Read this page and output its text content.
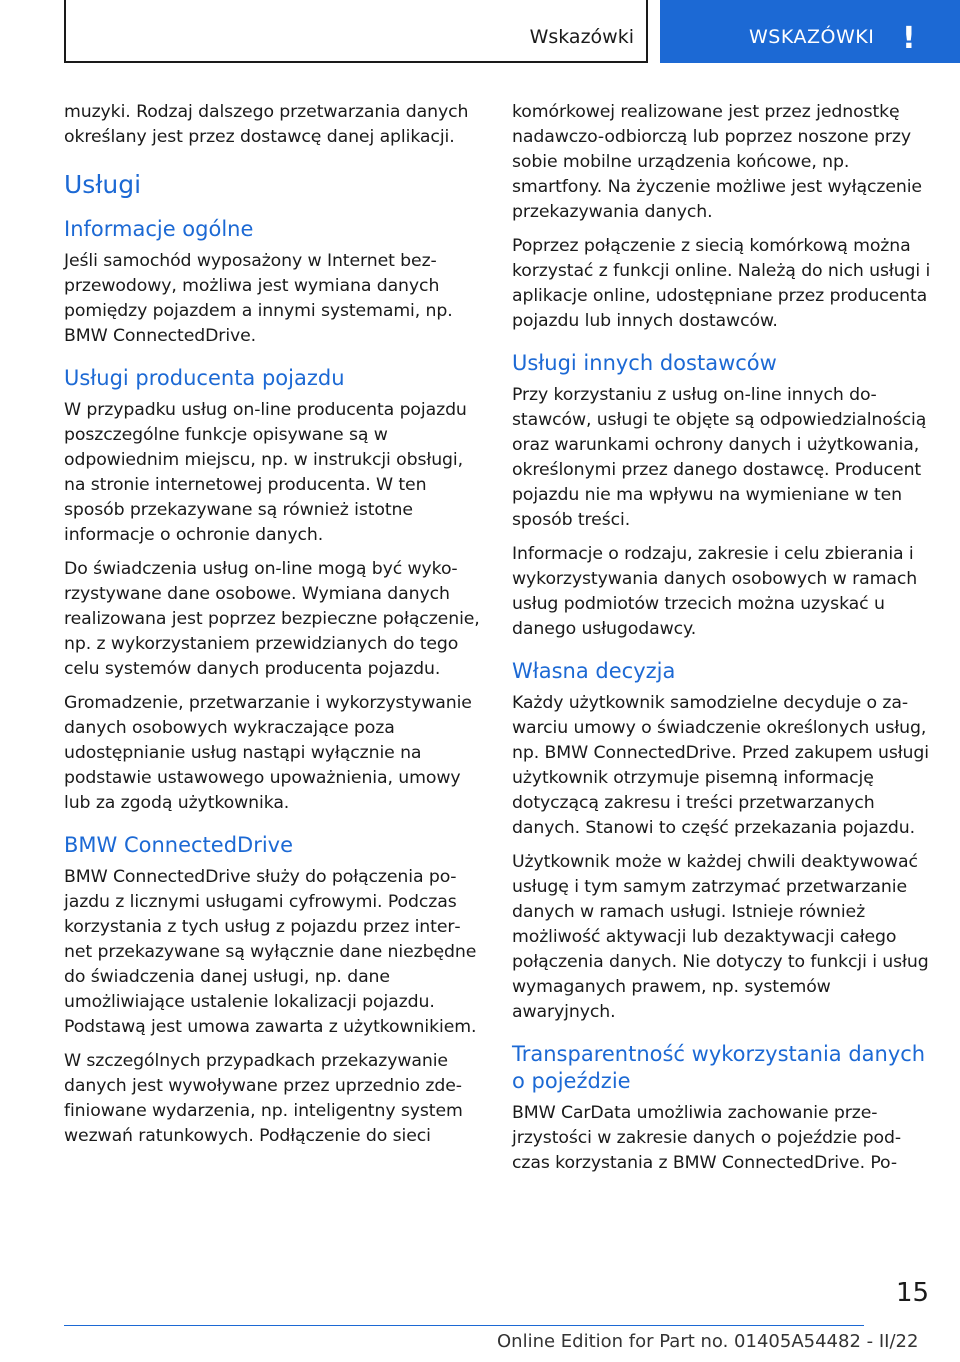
Wskazówki	WSKAZÓWKI !

muzyki. Rodzaj dalszego przetwarzania danych określany jest przez dostawcę danej aplikacji.

Usługi
Informacje ogólne

Jeśli samochód wyposażony w Internet bezprzewodowy, możliwa jest wymiana danych pomiędzy pojazdem a innymi systemami, np. BMW ConnectedDrive.

Usługi producenta pojazdu

W przypadku usług on-line producenta pojazdu poszczególne funkcje opisywane są w odpowiednim miejscu, np. w instrukcji obsługi, na stronie internetowej producenta. W ten sposób przekazywane są również istotne informacje o ochronie danych.

Do świadczenia usług on-line mogą być wykorzystywane dane osobowe. Wymiana danych realizowana jest poprzez bezpieczne połączenie, np. z wykorzystaniem przewidzianych do tego celu systemów danych producenta pojazdu.

Gromadzenie, przetwarzanie i wykorzystywanie danych osobowych wykraczające poza udostępnianie usług nastąpi wyłącznie na podstawie ustawowego upoważnienia, umowy lub za zgodą użytkownika.

BMW ConnectedDrive

BMW ConnectedDrive służy do połączenia pojazdu z licznymi usługami cyfrowymi. Podczas korzystania z tych usług z pojazdu przez internet przekazywane są wyłącznie dane niezbędne do świadczenia danej usługi, np. dane umożliwiające ustalenie lokalizacji pojazdu. Podstawą jest umowa zawarta z użytkownikiem.

W szczególnych przypadkach przekazywanie danych jest wywoływane przez uprzednio zdefiniowane wydarzenia, np. inteligentny system wezwań ratunkowych. Podłączenie do sieci

komórkowej realizowane jest przez jednostkę nadawczo-odbiorczą lub poprzez noszone przy sobie mobilne urządzenia końcowe, np. smartfony. Na życzenie możliwe jest wyłączenie przekazywania danych.

Poprzez połączenie z siecią komórkową można korzystać z funkcji online. Należą do nich usługi i aplikacje online, udostępniane przez producenta pojazdu lub innych dostawców.

Usługi innych dostawców

Przy korzystaniu z usług on-line innych dostawców, usługi te objęte są odpowiedzialnością oraz warunkami ochrony danych i użytkowania, określonymi przez danego dostawcę. Producent pojazdu nie ma wpływu na wymieniane w ten sposób treści.

Informacje o rodzaju, zakresie i celu zbierania i wykorzystywania danych osobowych w ramach usług podmiotów trzecich można uzyskać u danego usługodawcy.

Własna decyzja

Każdy użytkownik samodzielne decyduje o zawarciu umowy o świadczenie określonych usług, np. BMW ConnectedDrive. Przed zakupem usługi użytkownik otrzymuje pisemną informację dotyczącą zakresu i treści przetwarzanych danych. Stanowi to część przekazania pojazdu.

Użytkownik może w każdej chwili deaktywować usługę i tym samym zatrzymać przetwarzanie danych w ramach usługi. Istnieje również możliwość aktywacji lub dezaktywacji całego połączenia danych. Nie dotyczy to funkcji i usług wymaganych prawem, np. systemów awaryjnych.

Transparentność wykorzystania danych o pojeździe

BMW CarData umożliwia zachowanie przejrzystości w zakresie danych o pojeździe podczas korzystania z BMW ConnectedDrive. Po-

15
Online Edition for Part no. 01405A54482 - II/22
